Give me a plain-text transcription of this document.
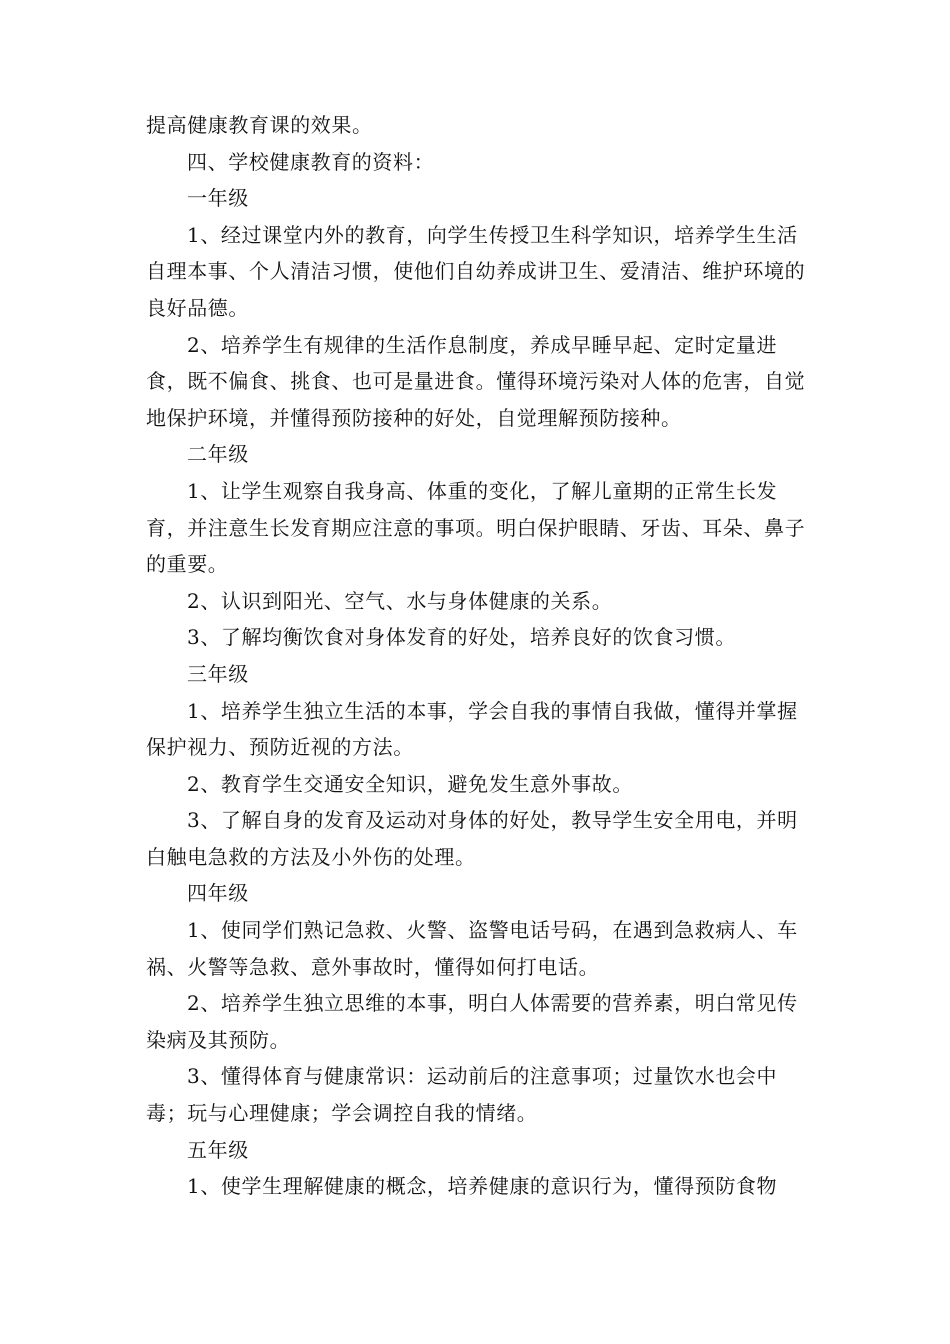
提高健康教育课的效果。

四、学校健康教育的资料：

一年级

1、经过课堂内外的教育，向学生传授卫生科学知识，培养学生生活自理本事、个人清洁习惯，使他们自幼养成讲卫生、爱清洁、维护环境的良好品德。

2、培养学生有规律的生活作息制度，养成早睡早起、定时定量进食，既不偏食、挑食、也可是量进食。懂得环境污染对人体的危害，自觉地保护环境，并懂得预防接种的好处，自觉理解预防接种。

二年级

1、让学生观察自我身高、体重的变化，了解儿童期的正常生长发育，并注意生长发育期应注意的事项。明白保护眼睛、牙齿、耳朵、鼻子的重要。

2、认识到阳光、空气、水与身体健康的关系。

3、了解均衡饮食对身体发育的好处，培养良好的饮食习惯。

三年级

1、培养学生独立生活的本事，学会自我的事情自我做，懂得并掌握保护视力、预防近视的方法。

2、教育学生交通安全知识，避免发生意外事故。

3、了解自身的发育及运动对身体的好处，教导学生安全用电，并明白触电急救的方法及小外伤的处理。

四年级

1、使同学们熟记急救、火警、盗警电话号码，在遇到急救病人、车祸、火警等急救、意外事故时，懂得如何打电话。

2、培养学生独立思维的本事，明白人体需要的营养素，明白常见传染病及其预防。

3、懂得体育与健康常识：运动前后的注意事项；过量饮水也会中毒；玩与心理健康；学会调控自我的情绪。

五年级

1、使学生理解健康的概念，培养健康的意识行为，懂得预防食物
